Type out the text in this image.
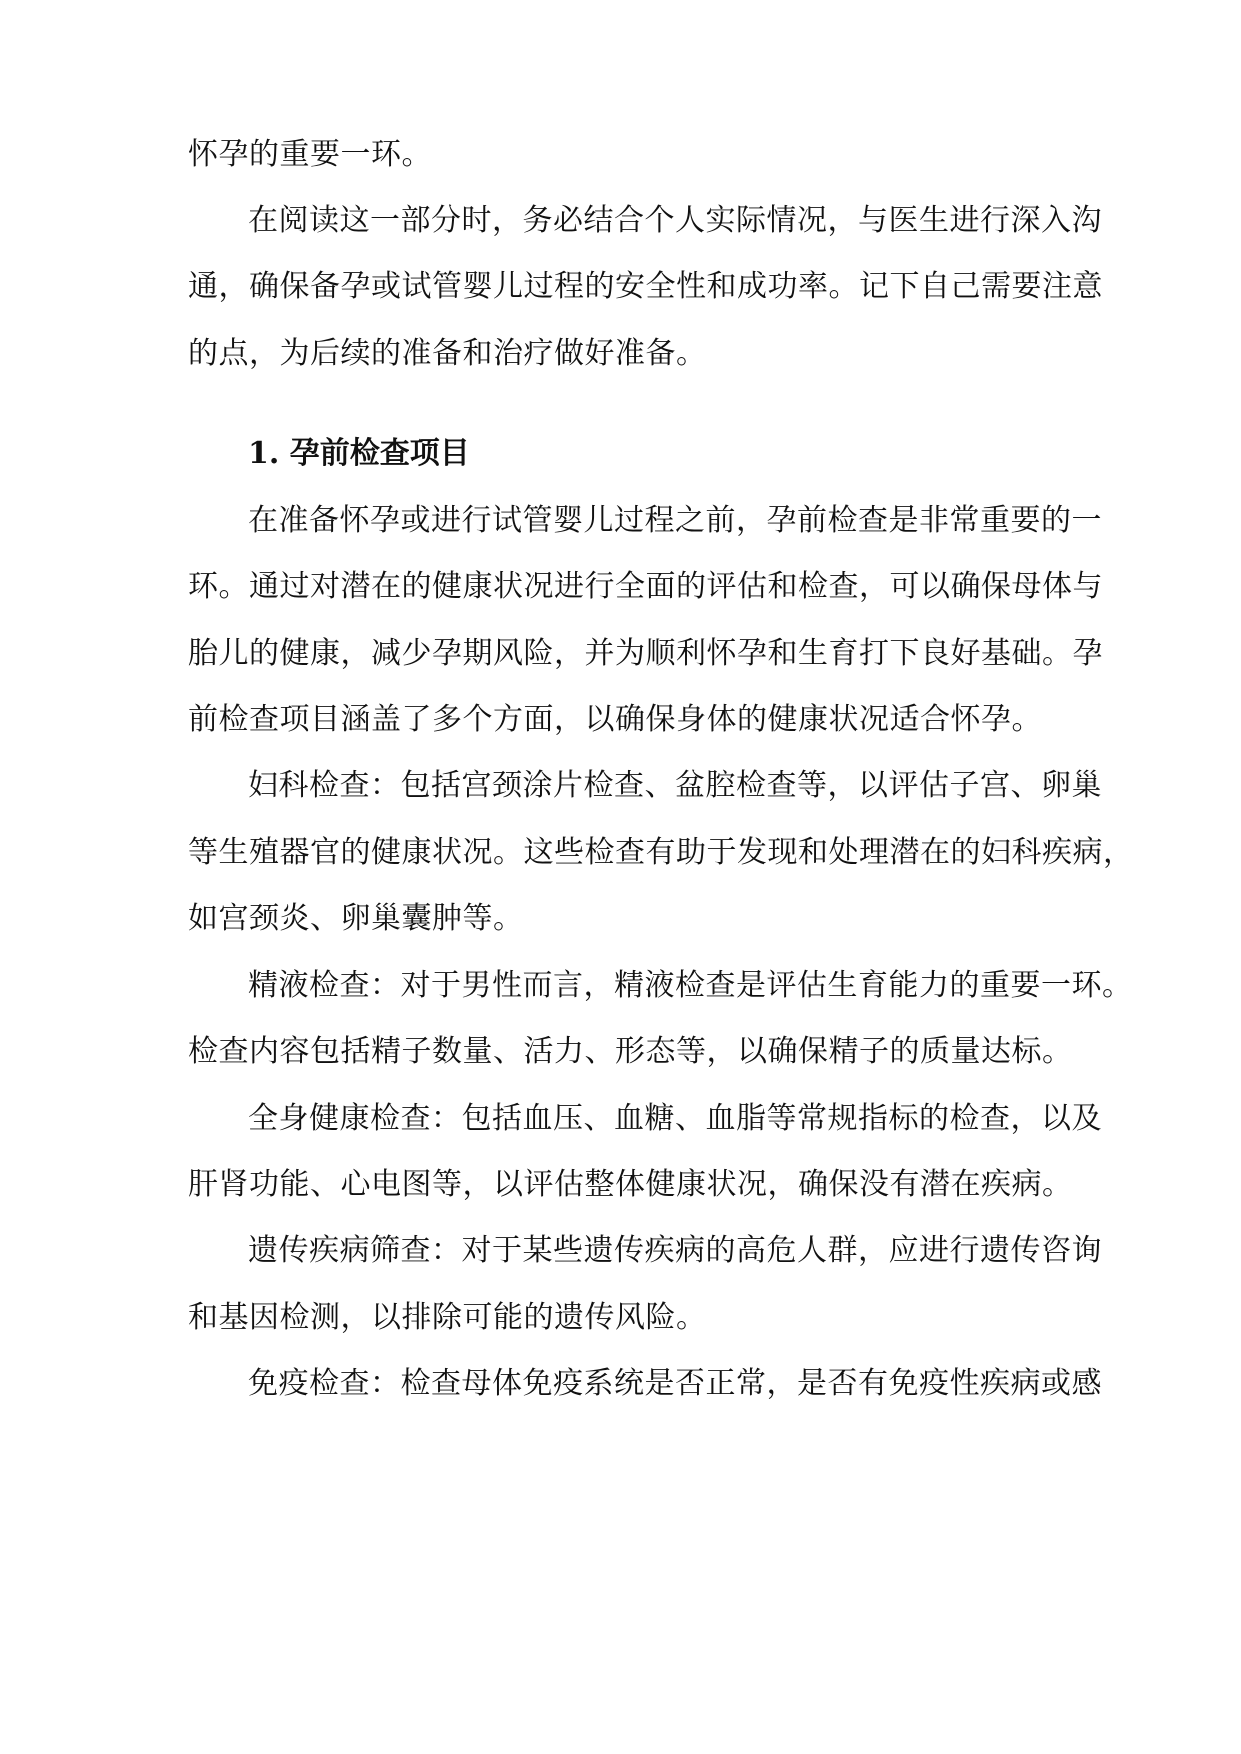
怀孕的重要一环。
在阅读这一部分时，务必结合个人实际情况，与医生进行深入沟
通，确保备孕或试管婴儿过程的安全性和成功率。记下自己需要注意
的点，为后续的准备和治疗做好准备。
1. 孕前检查项目
在准备怀孕或进行试管婴儿过程之前，孕前检查是非常重要的一
环。通过对潜在的健康状况进行全面的评估和检查，可以确保母体与
胎儿的健康，减少孕期风险，并为顺利怀孕和生育打下良好基础。孕
前检查项目涵盖了多个方面，以确保身体的健康状况适合怀孕。
妇科检查：包括宫颈涂片检查、盆腔检查等，以评估子宫、卵巢
等生殖器官的健康状况。这些检查有助于发现和处理潜在的妇科疾病，
如宫颈炎、卵巢囊肿等。
精液检查：对于男性而言，精液检查是评估生育能力的重要一环。
检查内容包括精子数量、活力、形态等，以确保精子的质量达标。
全身健康检查：包括血压、血糖、血脂等常规指标的检查，以及
肝肾功能、心电图等，以评估整体健康状况，确保没有潜在疾病。
遗传疾病筛查：对于某些遗传疾病的高危人群，应进行遗传咨询
和基因检测，以排除可能的遗传风险。
免疫检查：检查母体免疫系统是否正常，是否有免疫性疾病或感
